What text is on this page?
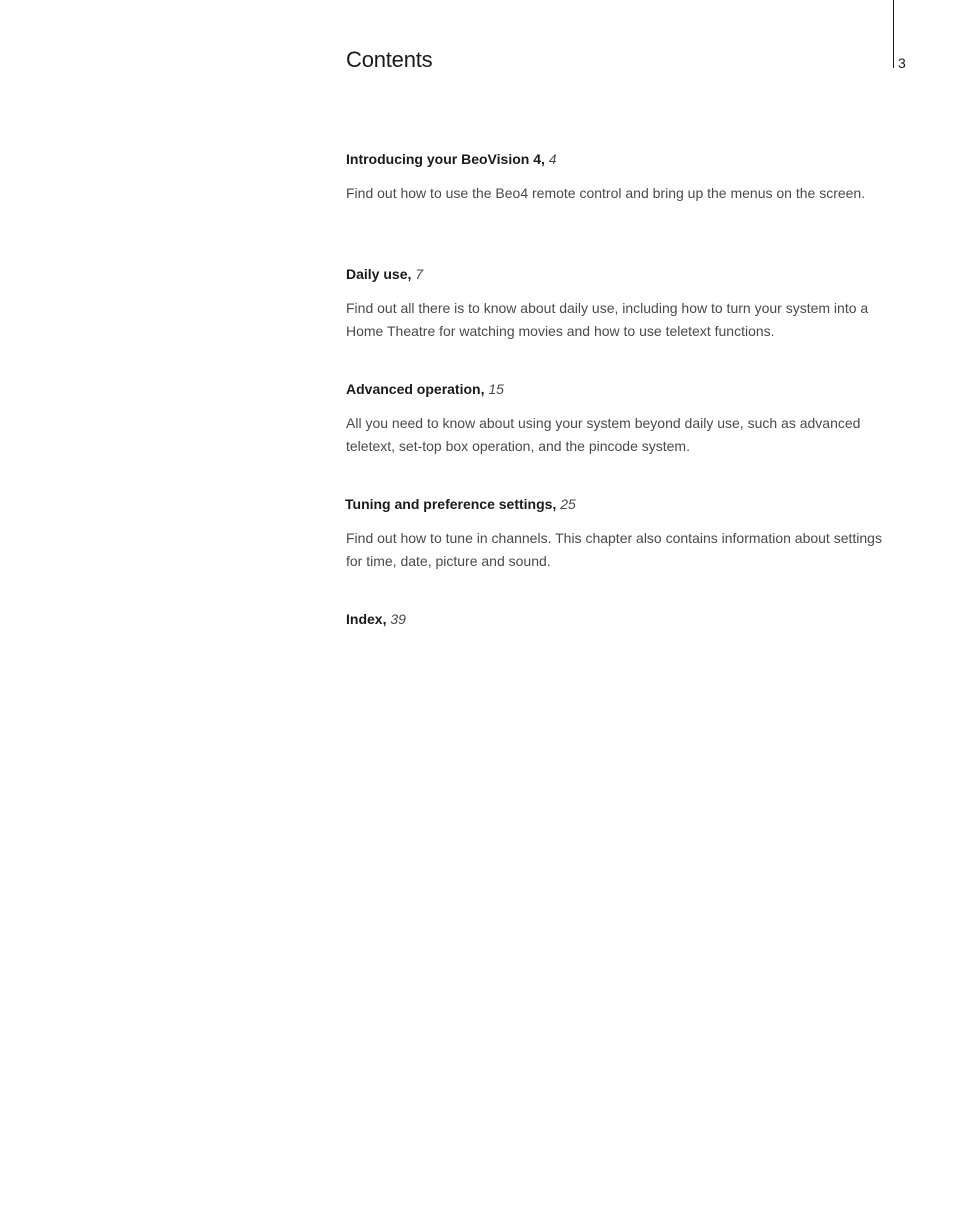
3
Contents

Introducing your BeoVision 4, 4

Find out how to use the Beo4 remote control and bring up the menus on the screen.

Daily use, 7

Find out all there is to know about daily use, including how to turn your system into a Home Theatre for watching movies and how to use teletext functions.

Advanced operation, 15

All you need to know about using your system beyond daily use, such as advanced teletext, set-top box operation, and the pincode system.

Tuning and preference settings, 25

Find out how to tune in channels. This chapter also contains information about settings for time, date, picture and sound.

Index, 39
